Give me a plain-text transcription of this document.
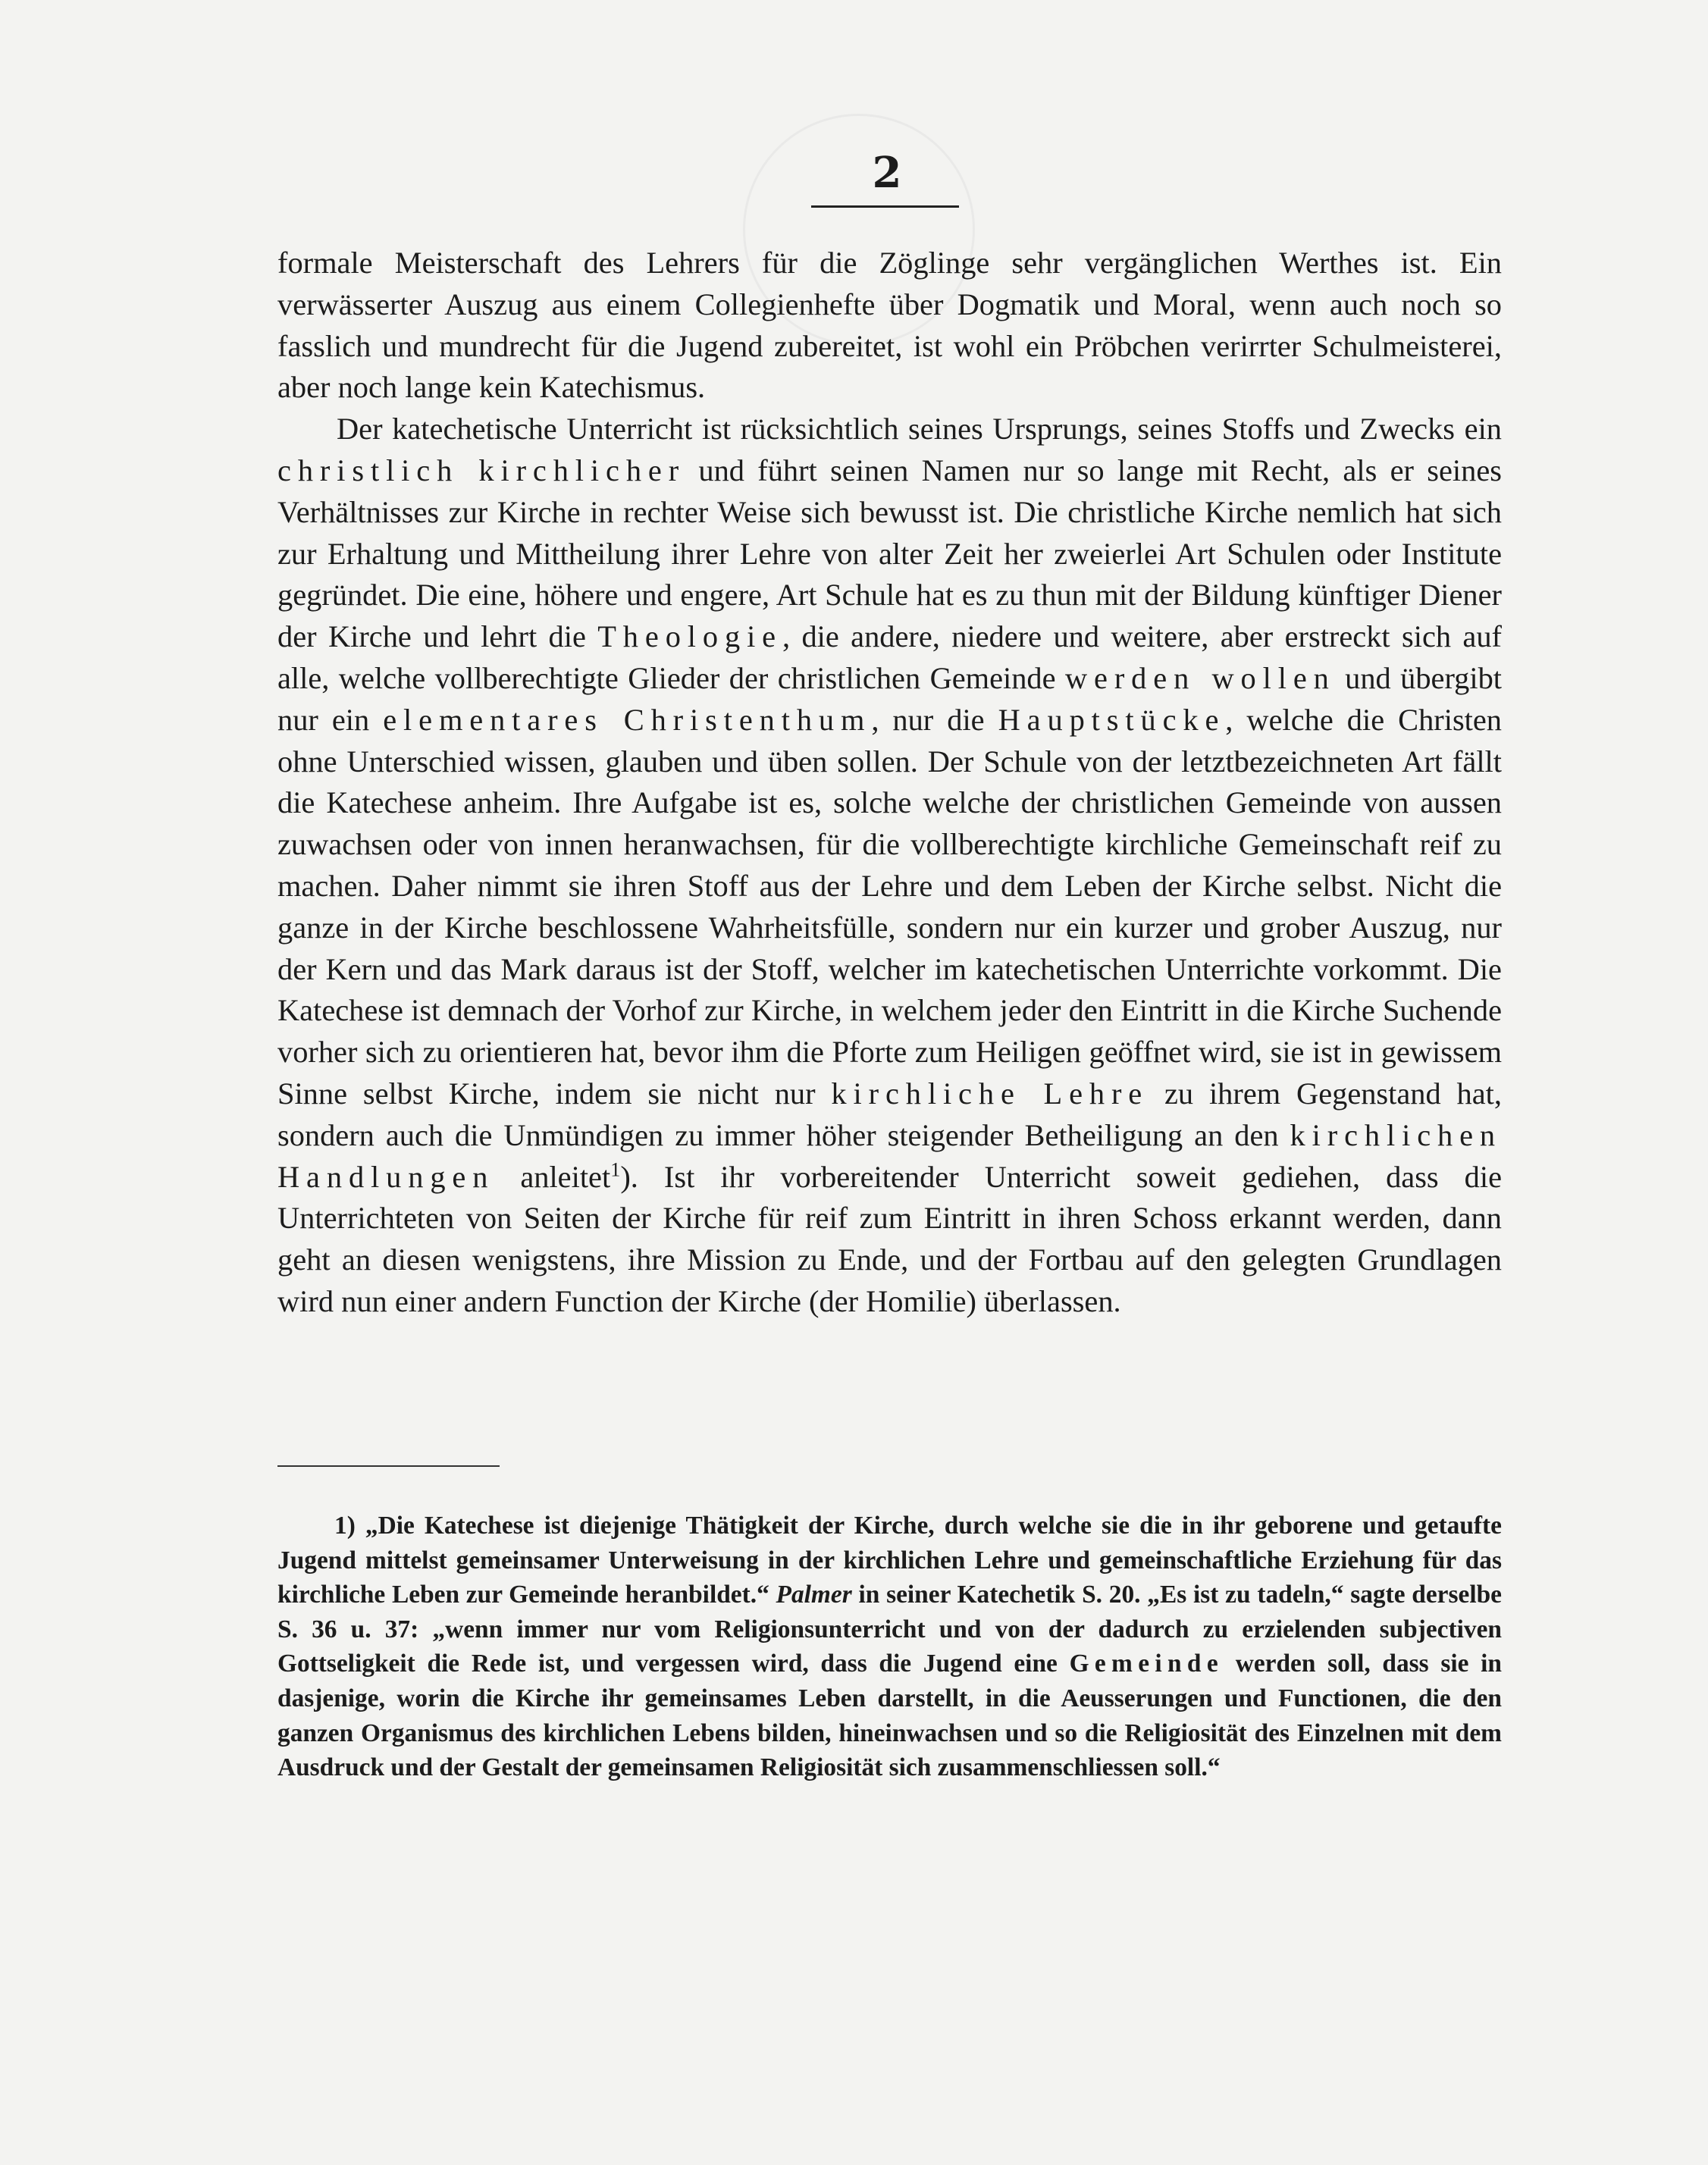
2

formale Meisterschaft des Lehrers für die Zöglinge sehr vergänglichen Werthes ist. Ein verwässerter Auszug aus einem Collegienhefte über Dogmatik und Moral, wenn auch noch so fasslich und mundrecht für die Jugend zubereitet, ist wohl ein Pröbchen verirrter Schulmeisterei, aber noch lange kein Katechismus.

Der katechetische Unterricht ist rücksichtlich seines Ursprungs, seines Stoffs und Zwecks ein christlich kirchlicher und führt seinen Namen nur so lange mit Recht, als er seines Verhältnisses zur Kirche in rechter Weise sich bewusst ist. Die christliche Kirche nemlich hat sich zur Erhaltung und Mittheilung ihrer Lehre von alter Zeit her zweierlei Art Schulen oder Institute gegründet. Die eine, höhere und engere, Art Schule hat es zu thun mit der Bildung künftiger Diener der Kirche und lehrt die Theologie, die andere, niedere und weitere, aber erstreckt sich auf alle, welche vollberechtigte Glieder der christlichen Gemeinde werden wollen und übergibt nur ein elementares Christenthum, nur die Hauptstücke, welche die Christen ohne Unterschied wissen, glauben und üben sollen. Der Schule von der letztbezeichneten Art fällt die Katechese anheim. Ihre Aufgabe ist es, solche welche der christlichen Gemeinde von aussen zuwachsen oder von innen heranwachsen, für die vollberechtigte kirchliche Gemeinschaft reif zu machen. Daher nimmt sie ihren Stoff aus der Lehre und dem Leben der Kirche selbst. Nicht die ganze in der Kirche beschlossene Wahrheitsfülle, sondern nur ein kurzer und grober Auszug, nur der Kern und das Mark daraus ist der Stoff, welcher im katechetischen Unterrichte vorkommt. Die Katechese ist demnach der Vorhof zur Kirche, in welchem jeder den Eintritt in die Kirche Suchende vorher sich zu orientieren hat, bevor ihm die Pforte zum Heiligen geöffnet wird, sie ist in gewissem Sinne selbst Kirche, indem sie nicht nur kirchliche Lehre zu ihrem Gegenstand hat, sondern auch die Unmündigen zu immer höher steigender Betheiligung an den kirchlichen Handlungen anleitet$^1$). Ist ihr vorbereitender Unterricht soweit gediehen, dass die Unterrichteten von Seiten der Kirche für reif zum Eintritt in ihren Schoss erkannt werden, dann geht an diesen wenigstens, ihre Mission zu Ende, und der Fortbau auf den gelegten Grundlagen wird nun einer andern Function der Kirche (der Homilie) überlassen.

1) „Die Katechese ist diejenige Thätigkeit der Kirche, durch welche sie die in ihr geborene und getaufte Jugend mittelst gemeinsamer Unterweisung in der kirchlichen Lehre und gemeinschaftliche Erziehung für das kirchliche Leben zur Gemeinde heranbildet.“ Palmer in seiner Katechetik S. 20. „Es ist zu tadeln,“ sagte derselbe S. 36 u. 37: „wenn immer nur vom Religionsunterricht und von der dadurch zu erzielenden subjectiven Gottseligkeit die Rede ist, und vergessen wird, dass die Jugend eine Gemeinde werden soll, dass sie in dasjenige, worin die Kirche ihr gemeinsames Leben darstellt, in die Aeusserungen und Functionen, die den ganzen Organismus des kirchlichen Lebens bilden, hineinwachsen und so die Religiosität des Einzelnen mit dem Ausdruck und der Gestalt der gemeinsamen Religiosität sich zusammenschliessen soll.“
